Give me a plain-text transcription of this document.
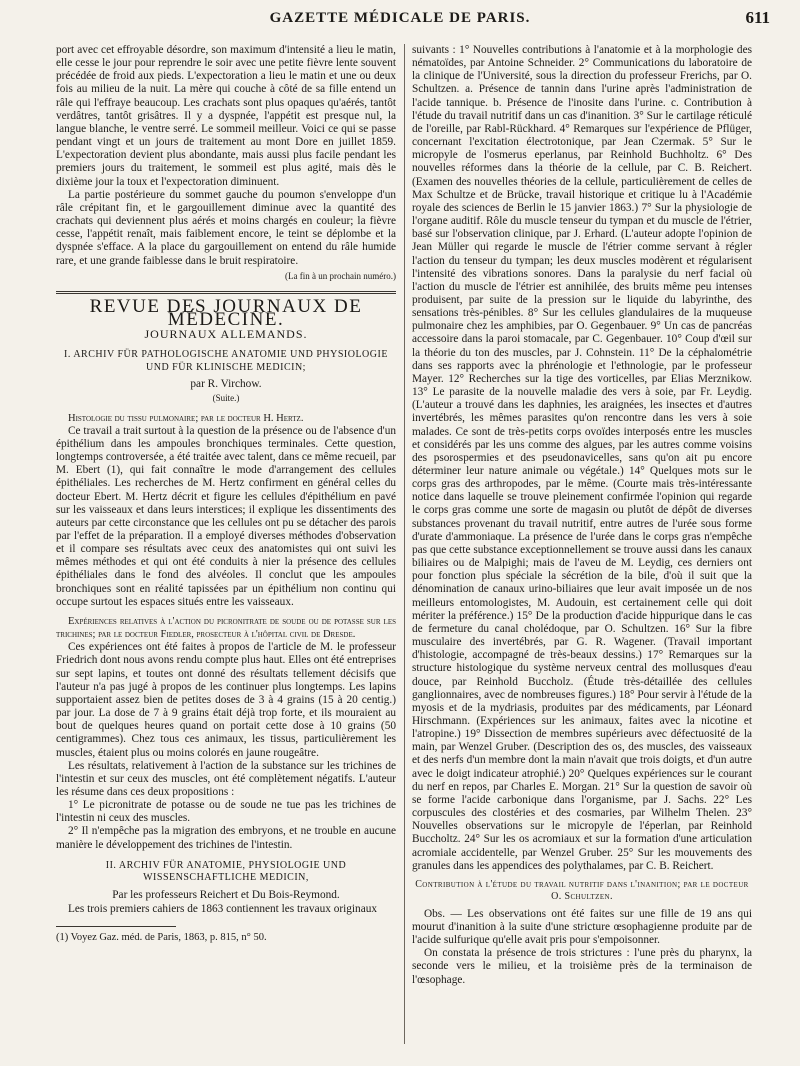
GAZETTE MÉDICALE DE PARIS.	611

port avec cet effroyable désordre, son maximum d'intensité a lieu le matin, elle cesse le jour pour reprendre le soir avec une petite fièvre lente souvent précédée de froid aux pieds. L'expectoration a lieu le matin et une ou deux fois au milieu de la nuit. La mère qui couche à côté de sa fille entend un râle qui l'effraye beaucoup. Les crachats sont plus opaques qu'aérés, tantôt verdâtres, tantôt grisâtres. Il y a dyspnée, l'appétit est presque nul, la langue blanche, le ventre serré. Le sommeil meilleur. Voici ce qui se passe pendant vingt et un jours de traitement au mont Dore en juillet 1859. L'expectoration devient plus abondante, mais aussi plus facile pendant les premiers jours du traitement, le sommeil est plus agité, mais dès le dixième jour la toux et l'expectoration diminuent.

La partie postérieure du sommet gauche du poumon s'enveloppe d'un râle crépitant fin, et le gargouillement diminue avec la quantité des crachats qui deviennent plus aérés et moins chargés en couleur; la fièvre cesse, l'appétit renaît, mais faiblement encore, le teint se déplombe et la dyspnée s'efface. A la place du gargouillement on entend du râle humide rare, et une grande faiblesse dans le bruit respiratoire.

(La fin à un prochain numéro.)
REVUE DES JOURNAUX DE MÉDECINE.
JOURNAUX ALLEMANDS.
I. ARCHIV FÜR PATHOLOGISCHE ANATOMIE UND PHYSIOLOGIE UND FÜR KLINISCHE MEDICIN;
par R. Virchow.
(Suite.)

Histologie du tissu pulmonaire; par le docteur H. Hertz.

Ce travail a trait surtout à la question de la présence ou de l'absence d'un épithélium dans les ampoules bronchiques terminales. Cette question, longtemps controversée, a été traitée avec talent, dans ce même recueil, par M. Ebert (1), qui fait connaître le mode d'arrangement des cellules épithéliales. Les recherches de M. Hertz confirment en général celles du docteur Ebert. M. Hertz décrit et figure les cellules d'épithélium en pavé sur les vaisseaux et dans leurs interstices; il explique les dissentiments des auteurs par cette circonstance que les cellules ont pu se détacher des parois par l'effet de la préparation. Il a employé diverses méthodes d'observation et il compare ses résultats avec ceux des anatomistes qui ont suivi les mêmes méthodes et qui ont été conduits à nier la présence des cellules épithéliales dans le fond des alvéoles. Il conclut que les ampoules bronchiques sont en réalité tapissées par un épithélium non continu qui occupe surtout les espaces situés entre les vaisseaux.

Expériences relatives à l'action du picronitrate de soude ou de potasse sur les trichines; par le docteur Fiedler, prosecteur à l'hôpital civil de Dresde.

Ces expériences ont été faites à propos de l'article de M. le professeur Friedrich dont nous avons rendu compte plus haut. Elles ont été entreprises sur sept lapins, et toutes ont donné des résultats tellement décisifs que l'auteur n'a pas jugé à propos de les continuer plus longtemps. Les lapins supportaient assez bien de petites doses de 3 à 4 grains (15 à 20 centig.) par jour. La dose de 7 à 9 grains était déjà trop forte, et ils mouraient au bout de quelques heures quand on portait cette dose à 10 grains (50 centigrammes). Chez tous ces animaux, les tissus, particulièrement les muscles, étaient plus ou moins colorés en jaune rougeâtre.

Les résultats, relativement à l'action de la substance sur les trichines de l'intestin et sur ceux des muscles, ont été complètement négatifs. L'auteur les résume dans ces deux propositions :

1° Le picronitrate de potasse ou de soude ne tue pas les trichines de l'intestin ni ceux des muscles.

2° Il n'empêche pas la migration des embryons, et ne trouble en aucune manière le développement des trichines de l'intestin.

II. ARCHIV FÜR ANATOMIE, PHYSIOLOGIE UND WISSENSCHAFTLICHE MEDICIN,
Par les professeurs Reichert et Du Bois-Reymond.

Les trois premiers cahiers de 1863 contiennent les travaux originaux

(1) Voyez Gaz. méd. de Paris, 1863, p. 815, n° 50.

suivants : 1° Nouvelles contributions à l'anatomie et à la morphologie des nématoïdes, par Antoine Schneider. 2° Communications du laboratoire de la clinique de l'Université, sous la direction du professeur Frerichs, par O. Schultzen. a. Présence de tannin dans l'urine après l'administration de l'acide tannique. b. Présence de l'inosite dans l'urine. c. Contribution à l'étude du travail nutritif dans un cas d'inanition. 3° Sur le cartilage réticulé de l'oreille, par Rabl-Rückhard. 4° Remarques sur l'expérience de Pflüger, concernant l'excitation électrotonique, par Jean Czermak. 5° Sur le micropyle de l'osmerus eperlanus, par Reinhold Buchholtz. 6° Des nouvelles réformes dans la théorie de la cellule, par C. B. Reichert. (Examen des nouvelles théories de la cellule, particulièrement de celles de Max Schultze et de Brücke, travail historique et critique lu à l'Académie royale des sciences de Berlin le 15 janvier 1863.) 7° Sur la physiologie de l'organe auditif. Rôle du muscle tenseur du tympan et du muscle de l'étrier, basé sur l'observation clinique, par J. Erhard. (L'auteur adopte l'opinion de Jean Müller qui regarde le muscle de l'étrier comme servant à régler l'action du tenseur du tympan; les deux muscles modèrent et régularisent l'intensité des vibrations sonores. Dans la paralysie du nerf facial où l'action du muscle de l'étrier est annihilée, des bruits même peu intenses produisent, par suite de la pression sur le liquide du labyrinthe, des sensations très-pénibles. 8° Sur les cellules glandulaires de la muqueuse pulmonaire chez les amphibies, par O. Gegenbauer. 9° Un cas de pancréas accessoire dans la paroi stomacale, par C. Gegenbauer. 10° Coup d'œil sur la théorie du ton des muscles, par J. Cohnstein. 11° De la céphalométrie dans ses rapports avec la phrénologie et l'ethnologie, par le professeur Mayer. 12° Recherches sur la tige des vorticelles, par Elias Merznikow. 13° Le parasite de la nouvelle maladie des vers à soie, par Fr. Leydig. (L'auteur a trouvé dans les daphnies, les araignées, les insectes et d'autres invertébrés, les mêmes parasites qu'on rencontre dans les vers à soie malades. Ce sont de très-petits corps ovoïdes interposés entre les muscles et considérés par les uns comme des algues, par les autres comme voisins des psorospermies et des pseudonavicelles, sans qu'on ait pu encore déterminer leur nature animale ou végétale.) 14° Quelques mots sur le corps gras des arthropodes, par le même. (Courte mais très-intéressante notice dans laquelle se trouve pleinement confirmée l'opinion qui regarde le corps gras comme une sorte de magasin ou plutôt de dépôt de diverses substances provenant du travail nutritif, entre autres de l'urée sous forme d'urate d'ammoniaque. La présence de l'urée dans le corps gras n'empêche pas que cette substance exceptionnellement se trouve aussi dans les canaux biliaires ou de Malpighi; mais de l'aveu de M. Leydig, ces derniers ont pour fonction plus spéciale la sécrétion de la bile, d'où il suit que la dénomination de canaux urino-biliaires que leur avait imposée un de nos meilleurs entomologistes, M. Audouin, est certainement celle qui doit mériter la préférence.) 15° De la production d'acide hippurique dans le cas de fermeture du canal cholédoque, par O. Schultzen. 16° Sur la fibre musculaire des invertébrés, par G. R. Wagener. (Travail important d'histologie, accompagné de très-beaux dessins.) 17° Remarques sur la structure histologique du système nerveux central des mollusques d'eau douce, par Reinhold Buccholz. (Étude très-détaillée des cellules ganglionnaires, avec de nombreuses figures.) 18° Pour servir à l'étude de la myosis et de la mydriasis, produites par des médicaments, par Léonard Hirschmann. (Expériences sur les animaux, faites avec la nicotine et l'atropine.) 19° Dissection de membres supérieurs avec défectuosité de la main, par Wenzel Gruber. (Description des os, des muscles, des vaisseaux et des nerfs d'un membre dont la main n'avait que trois doigts, et d'un autre avec le doigt indicateur atrophié.) 20° Quelques expériences sur le courant du nerf en repos, par Charles E. Morgan. 21° Sur la question de savoir où se forme l'acide carbonique dans l'organisme, par J. Sachs. 22° Les corpuscules des clostéries et des cosmaries, par Wilhelm Thelen. 23° Nouvelles observations sur le micropyle de l'éperlan, par Reinhold Buccholtz. 24° Sur les os acromiaux et sur la formation d'une articulation acromiale accidentelle, par Wenzel Gruber. 25° Sur les mouvements des granules dans les appendices des polythalames, par C. B. Reichert.

Contribution à l'étude du travail nutritif dans l'inanition; par le docteur O. Schultzen.

Obs. — Les observations ont été faites sur une fille de 19 ans qui mourut d'inanition à la suite d'une stricture œsophagienne produite par de l'acide sulfurique qu'elle avait pris pour s'empoisonner.

On constata la présence de trois strictures : l'une près du pharynx, la seconde vers le milieu, et la troisième près de la terminaison de l'œsophage.
